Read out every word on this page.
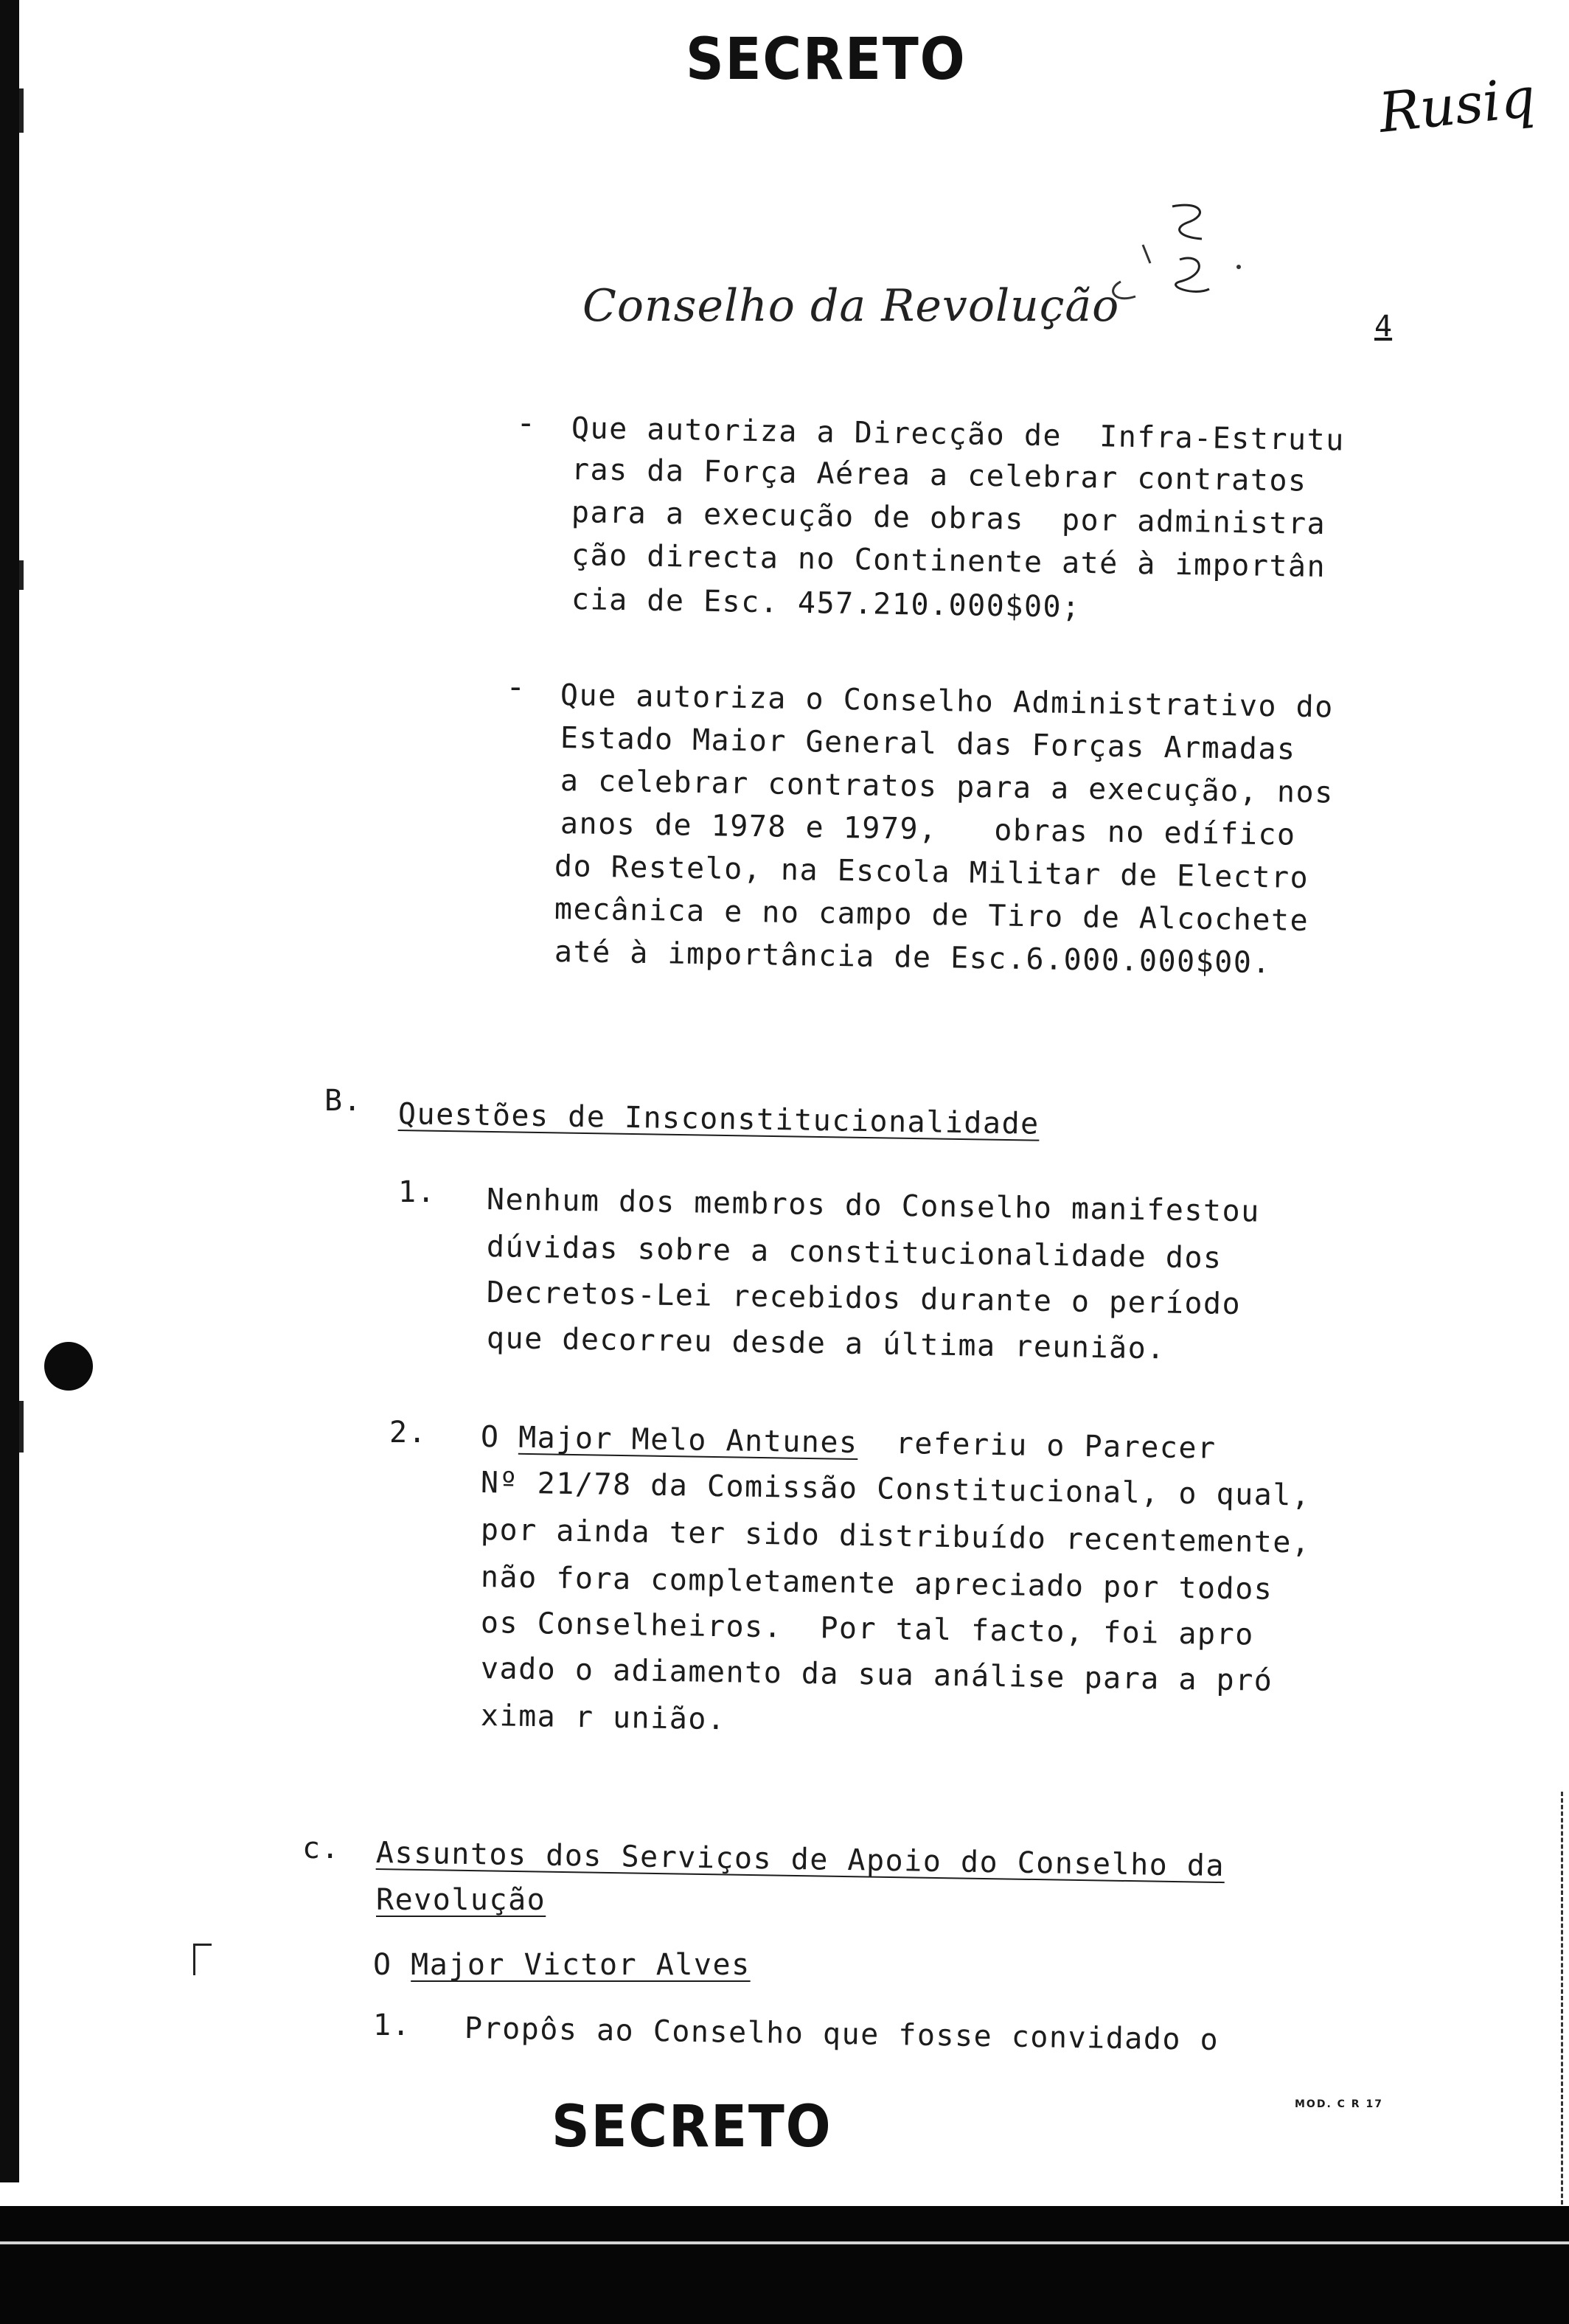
SECRETO
Rusiq
Conselho da Revolução	4
- Que autoriza a Direcção de  Infra-Estrutu
ras da Força Aérea a celebrar contratos
para a execução de obras  por administra
ção directa no Continente até à importân
cia de Esc. 457.210.000$00;
- Que autoriza o Conselho Administrativo do
Estado Maior General das Forças Armadas
a celebrar contratos para a execução, nos
anos de 1978 e 1979,   obras no edífico
do Restelo, na Escola Militar de Electro
mecânica e no campo de Tiro de Alcochete
até à importância de Esc.6.000.000$00.
B. Questões de Insconstitucionalidade
1. Nenhum dos membros do Conselho manifestou
dúvidas sobre a constitucionalidade dos
Decretos-Lei recebidos durante o período
que decorreu desde a última reunião.
2. O Major Melo Antunes  referiu o Parecer
Nº 21/78 da Comissão Constitucional, o qual,
por ainda ter sido distribuído recentemente,
não fora completamente apreciado por todos
os Conselheiros.  Por tal facto, foi apro
vado o adiamento da sua análise para a pró
xima r união.
c. Assuntos dos Serviços de Apoio do Conselho da
Revolução
O Major Victor Alves
1. Propôs ao Conselho que fosse convidado o
SECRETO	MOD. C R 17
